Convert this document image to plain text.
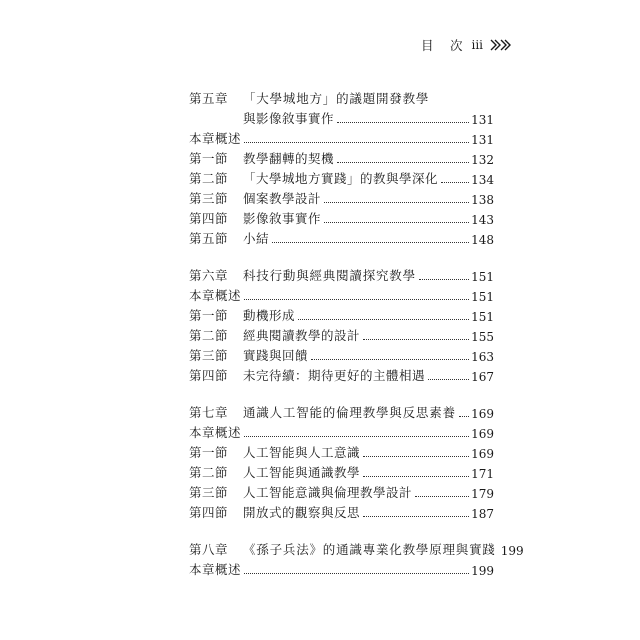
目　次 iii
第五章	「大學城地方」的議題開發教學
與影像敘事實作	131
本章概述	131
第一節	教學翻轉的契機	132
第二節	「大學城地方實踐」的教與學深化	134
第三節	個案教學設計	138
第四節	影像敘事實作	143
第五節	小結	148
第六章	科技行動與經典閱讀探究教學	151
本章概述	151
第一節	動機形成	151
第二節	經典閱讀教學的設計	155
第三節	實踐與回饋	163
第四節	未完待續：期待更好的主體相遇	167
第七章	通識人工智能的倫理教學與反思素養 169
本章概述	169
第一節	人工智能與人工意識	169
第二節	人工智能與通識教學	171
第三節	人工智能意識與倫理教學設計	179
第四節	開放式的觀察與反思	187
第八章	《孫子兵法》的通識專業化教學原理與實踐 199
本章概述	199
